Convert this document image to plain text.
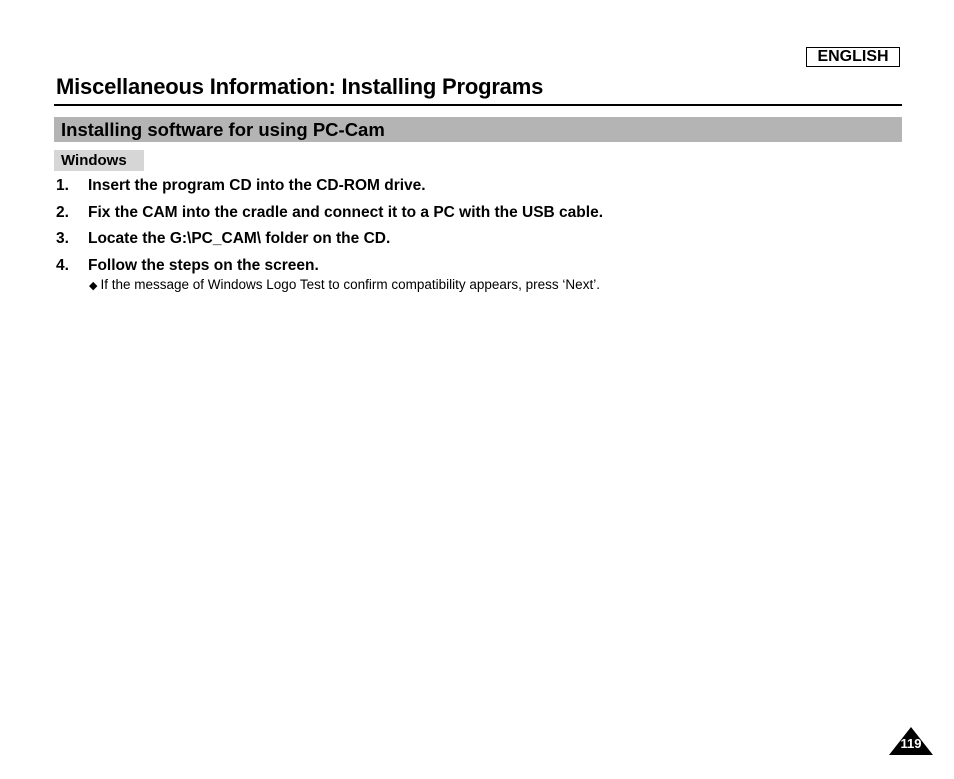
ENGLISH
Miscellaneous Information: Installing Programs
Installing software for using PC-Cam
Windows
1. Insert the program CD into the CD-ROM drive.
2. Fix the CAM into the cradle and connect it to a PC with the USB cable.
3. Locate the G:\PC_CAM\ folder on the CD.
4. Follow the steps on the screen.
◆ If the message of Windows Logo Test to confirm compatibility appears, press ‘Next’.
119
